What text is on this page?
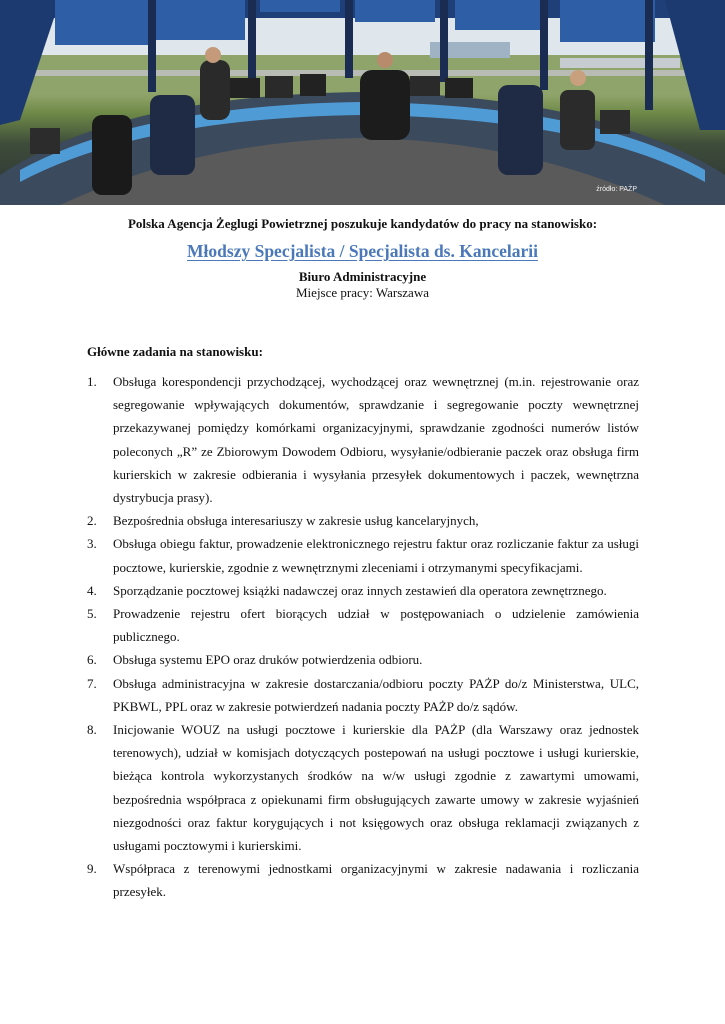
źródło: PAŻP
Polska Agencja Żeglugi Powietrznej poszukuje kandydatów do pracy na stanowisko:
Młodszy Specjalista / Specjalista ds. Kancelarii
Biuro Administracyjne
Miejsce pracy: Warszawa
Główne zadania na stanowisku:
1. Obsługa korespondencji przychodzącej, wychodzącej oraz wewnętrznej (m.in. rejestrowanie oraz segregowanie wpływających dokumentów, sprawdzanie i segregowanie poczty wewnętrznej przekazywanej pomiędzy komórkami organizacyjnymi, sprawdzanie zgodności numerów listów poleconych „R” ze Zbiorowym Dowodem Odbioru, wysyłanie/odbieranie paczek oraz obsługa firm kurierskich w zakresie odbierania i wysyłania przesyłek dokumentowych i paczek, wewnętrzna dystrybucja prasy).
2. Bezpośrednia obsługa interesariuszy w zakresie usług kancelaryjnych,
3. Obsługa obiegu faktur, prowadzenie elektronicznego rejestru faktur oraz rozliczanie faktur za usługi pocztowe, kurierskie, zgodnie z wewnętrznymi zleceniami i otrzymanymi specyfikacjami.
4. Sporządzanie pocztowej książki nadawczej oraz innych zestawień dla operatora zewnętrznego.
5. Prowadzenie rejestru ofert biorących udział w postępowaniach o udzielenie zamówienia publicznego.
6. Obsługa systemu EPO oraz druków potwierdzenia odbioru.
7. Obsługa administracyjna w zakresie dostarczania/odbioru poczty PAŻP do/z Ministerstwa, ULC, PKBWL, PPL oraz w zakresie potwierdzeń nadania poczty PAŻP do/z sądów.
8. Inicjowanie WOUZ na usługi pocztowe i kurierskie dla PAŻP (dla Warszawy oraz jednostek terenowych), udział w komisjach dotyczących postepowań na usługi pocztowe i usługi kurierskie, bieżąca kontrola wykorzystanych środków na w/w usługi zgodnie z zawartymi umowami, bezpośrednia współpraca z opiekunami firm obsługujących zawarte umowy w zakresie wyjaśnień niezgodności oraz faktur korygujących i not księgowych oraz obsługa reklamacji związanych z usługami pocztowymi i kurierskimi.
9. Współpraca z terenowymi jednostkami organizacyjnymi w zakresie nadawania i rozliczania przesyłek.
